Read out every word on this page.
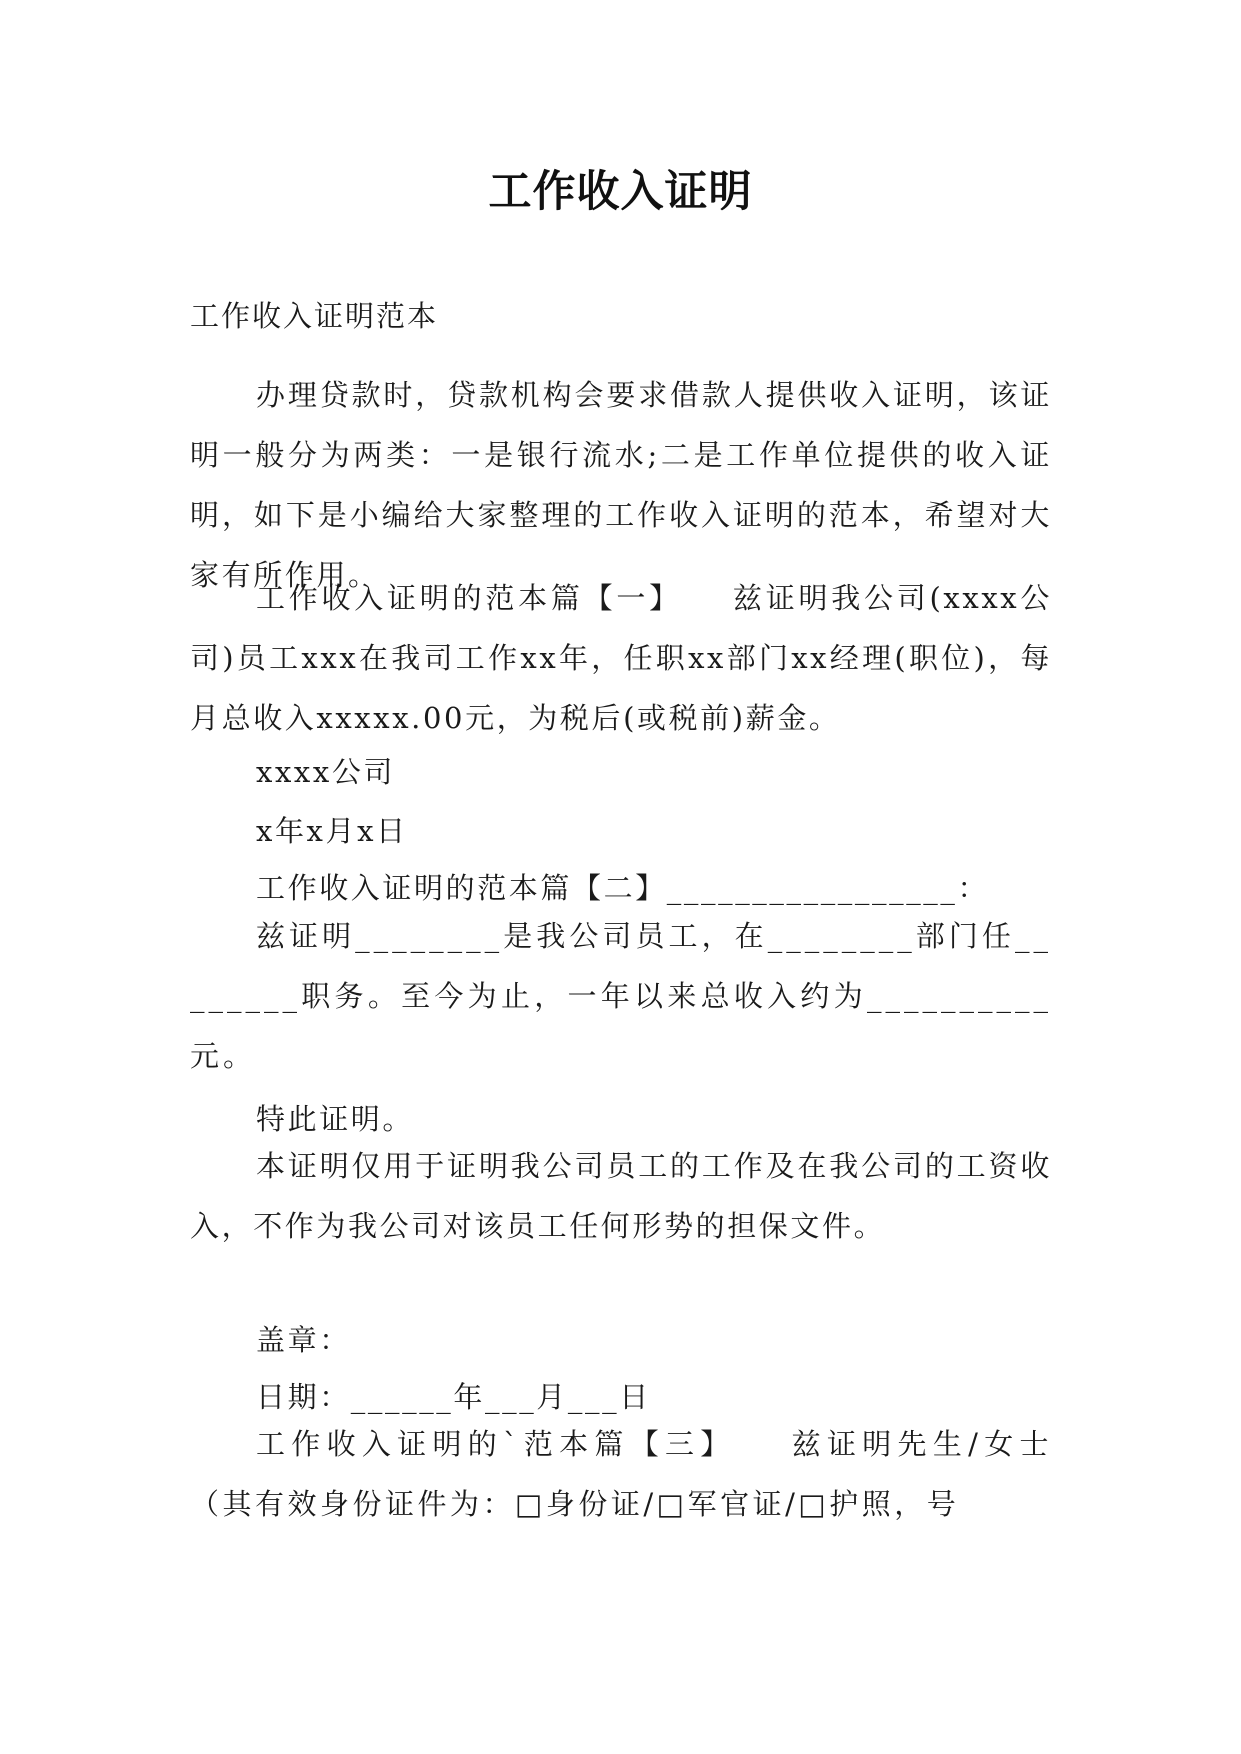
工作收入证明
工作收入证明范本
办理贷款时，贷款机构会要求借款人提供收入证明，该证明一般分为两类：一是银行流水;二是工作单位提供的收入证明，如下是小编给大家整理的工作收入证明的范本，希望对大家有所作用。
工作收入证明的范本篇【一】　　兹证明我公司(xxxx公司)员工xxx在我司工作xx年，任职xx部门xx经理(职位)，每月总收入xxxxx.00元，为税后(或税前)薪金。
xxxx公司
x年x月x日
工作收入证明的范本篇【二】_________________：
兹证明________是我公司员工，在________部门任________职务。至今为止，一年以来总收入约为__________元。
特此证明。
本证明仅用于证明我公司员工的工作及在我公司的工资收入，不作为我公司对该员工任何形势的担保文件。
盖章：
日期：______年___月___日
工作收入证明的`范本篇【三】　　兹证明先生/女士（其有效身份证件为：□身份证/□军官证/□护照，号
